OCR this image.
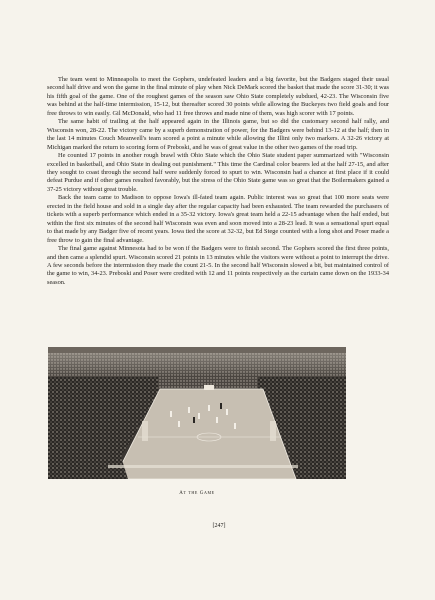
The team went to Minneapolis to meet the Gophers, undefeated leaders and a big favorite, but the Badgers staged their usual second half drive and won the game in the final minute of play when Nick DeMark scored the basket that made the score 31-30; it was his fifth goal of the game. One of the roughest games of the season saw Ohio State completely subdued, 42-23. The Wisconsin five was behind at the half-time intermission, 15-12, but thereafter scored 30 points while allowing the Buckeyes two field goals and four free throws to win easily. Gil McDonald, who had 11 free throws and made nine of them, was high scorer with 17 points.

The same habit of trailing at the half appeared again in the Illinois game, but so did the customary second half rally, and Wisconsin won, 28-22. The victory came by a superb demonstration of power, for the Badgers were behind 13-12 at the half; then in the last 14 minutes Couch Meanwell's team scored a point a minute while allowing the Illini only two markers. A 32-26 victory at Michigan marked the return to scoring form of Preboski, and he was of great value in the other two games of the road trip.

He counted 17 points in another rough brawl with Ohio State which the Ohio State student paper summarized with "Wisconsin excelled in basketball, and Ohio State in dealing out punishment." This time the Cardinal color bearers led at the half 27-15, and after they sought to coast through the second half were suddenly forced to spurt to win. Wisconsin had a chance at first place if it could defeat Purdue and if other games resulted favorably, but the stress of the Ohio State game was so great that the Boilermakers gained a 37-25 victory without great trouble.

Back the team came to Madison to oppose Iowa's ill-fated team again. Public interest was so great that 100 more seats were erected in the field house and sold in a single day after the regular capacity had been exhausted. The team rewarded the purchasers of tickets with a superb performance which ended in a 35-32 victory. Iowa's great team held a 22-15 advantage when the half ended, but within the first six minutes of the second half Wisconsin was even and soon moved into a 28-23 lead. It was a sensational spurt equal to that made by any Badger five of recent years. Iowa tied the score at 32-32, but Ed Stege counted with a long shot and Poser made a free throw to gain the final advantage.

The final game against Minnesota had to be won if the Badgers were to finish second. The Gophers scored the first three points, and then came a splendid spurt. Wisconsin scored 21 points in 13 minutes while the visitors were without a point to interrupt the drive. A few seconds before the intermission they made the count 21-5. In the second half Wisconsin slowed a bit, but maintained control of the game to win, 34-23. Preboski and Poser were credited with 12 and 11 points respectively as the curtain came down on the 1933-34 season.

At the Game
[247]
